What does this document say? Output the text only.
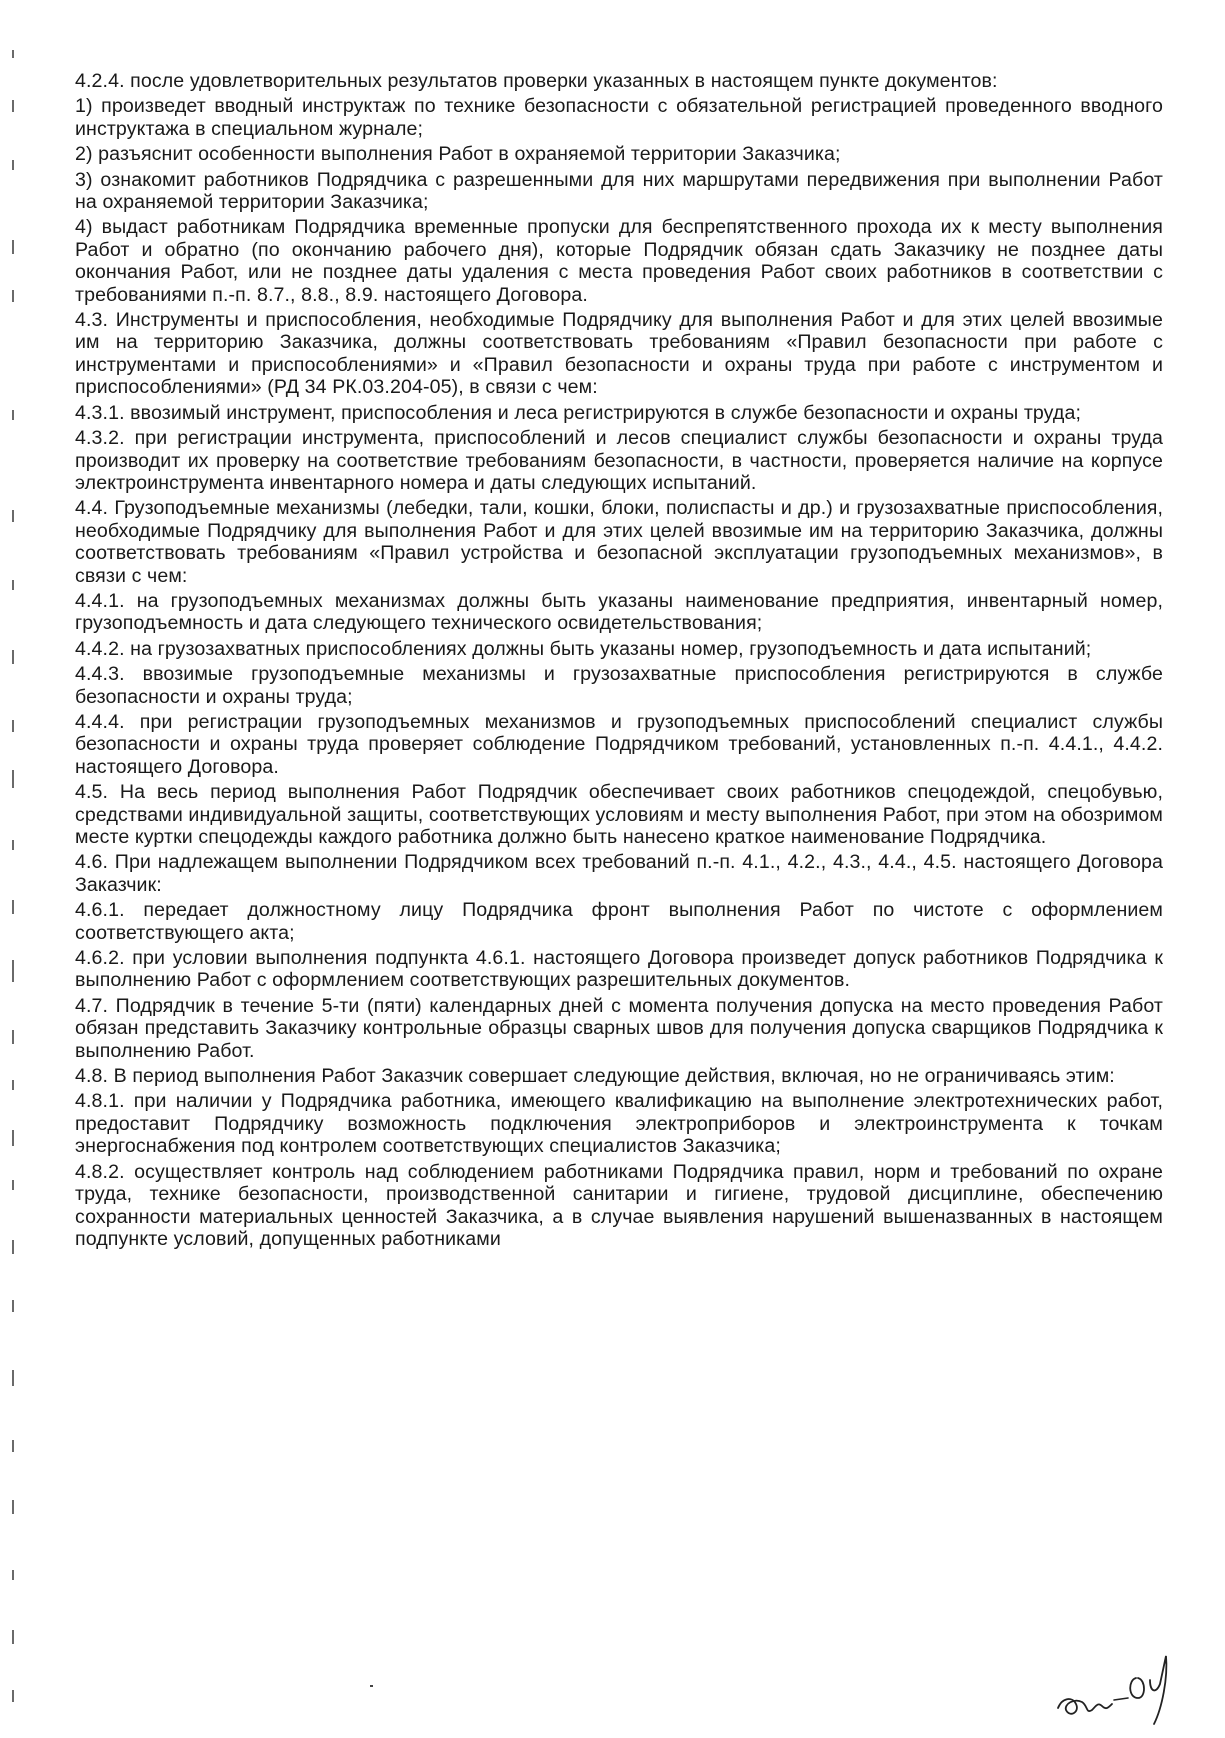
4.2.4. после удовлетворительных результатов проверки указанных в настоящем пункте документов:

1) произведет вводный инструктаж по технике безопасности с обязательной регистрацией проведенного вводного инструктажа в специальном журнале;

2) разъяснит особенности выполнения Работ в охраняемой территории Заказчика;

3) ознакомит работников Подрядчика с разрешенными для них маршрутами передвижения при выполнении Работ на охраняемой территории Заказчика;

4) выдаст работникам Подрядчика временные пропуски для беспрепятственного прохода их к месту выполнения Работ и обратно (по окончанию рабочего дня), которые Подрядчик обязан сдать Заказчику не позднее даты окончания Работ, или не позднее даты удаления с места проведения Работ своих работников в соответствии с требованиями п.-п. 8.7., 8.8., 8.9. настоящего Договора.

4.3. Инструменты и приспособления, необходимые Подрядчику для выполнения Работ и для этих целей ввозимые им на территорию Заказчика, должны соответствовать требованиям «Правил безопасности при работе с инструментами и приспособлениями» и «Правил безопасности и охраны труда при работе с инструментом и приспособлениями» (РД 34 РК.03.204-05), в связи с чем:

4.3.1. ввозимый инструмент, приспособления и леса регистрируются в службе безопасности и охраны труда;

4.3.2. при регистрации инструмента, приспособлений и лесов специалист службы безопасности и охраны труда производит их проверку на соответствие требованиям безопасности, в частности, проверяется наличие на корпусе электроинструмента инвентарного номера и даты следующих испытаний.

4.4. Грузоподъемные механизмы (лебедки, тали, кошки, блоки, полиспасты и др.) и грузозахватные приспособления, необходимые Подрядчику для выполнения Работ и для этих целей ввозимые им на территорию Заказчика, должны соответствовать требованиям «Правил устройства и безопасной эксплуатации грузоподъемных механизмов», в связи с чем:

4.4.1. на грузоподъемных механизмах должны быть указаны наименование предприятия, инвентарный номер, грузоподъемность и дата следующего технического освидетельствования;

4.4.2. на грузозахватных приспособлениях должны быть указаны номер, грузоподъемность и дата испытаний;

4.4.3. ввозимые грузоподъемные механизмы и грузозахватные приспособления регистрируются в службе безопасности и охраны труда;

4.4.4. при регистрации грузоподъемных механизмов и грузоподъемных приспособлений специалист службы безопасности и охраны труда проверяет соблюдение Подрядчиком требований, установленных п.-п. 4.4.1., 4.4.2. настоящего Договора.

4.5. На весь период выполнения Работ Подрядчик обеспечивает своих работников спецодеждой, спецобувью, средствами индивидуальной защиты, соответствующих условиям и месту выполнения Работ, при этом на обозримом месте куртки спецодежды каждого работника должно быть нанесено краткое наименование Подрядчика.

4.6. При надлежащем выполнении Подрядчиком всех требований п.-п. 4.1., 4.2., 4.3., 4.4., 4.5. настоящего Договора Заказчик:

4.6.1. передает должностному лицу Подрядчика фронт выполнения Работ по чистоте с оформлением соответствующего акта;

4.6.2. при условии выполнения подпункта 4.6.1. настоящего Договора произведет допуск работников Подрядчика к выполнению Работ с оформлением соответствующих разрешительных документов.

4.7. Подрядчик в течение 5-ти (пяти) календарных дней с момента получения допуска на место проведения Работ обязан представить Заказчику контрольные образцы сварных швов для получения допуска сварщиков Подрядчика к выполнению Работ.

4.8. В период выполнения Работ Заказчик совершает следующие действия, включая, но не ограничиваясь этим:

4.8.1. при наличии у Подрядчика работника, имеющего квалификацию на выполнение электротехнических работ, предоставит Подрядчику возможность подключения электроприборов и электроинструмента к точкам энергоснабжения под контролем соответствующих специалистов Заказчика;

4.8.2. осуществляет контроль над соблюдением работниками Подрядчика правил, норм и требований по охране труда, технике безопасности, производственной санитарии и гигиене, трудовой дисциплине, обеспечению сохранности материальных ценностей Заказчика, а в случае выявления нарушений вышеназванных в настоящем подпункте условий, допущенных работниками
